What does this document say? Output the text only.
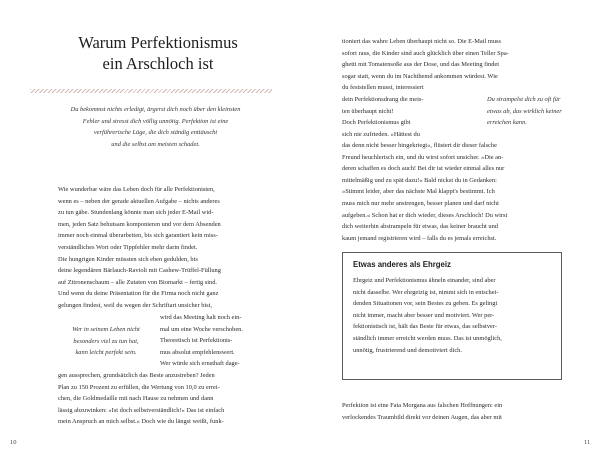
Warum Perfektionismus
ein Arschloch ist
Du bekommst nichts erledigt, ärgerst dich noch über den kleinsten
Fehler und stresst dich völlig unnötig. Perfektion ist eine
verführerische Lüge, die dich ständig enttäuscht
und die selbst am meisten schadet.
Wie wunderbar wäre das Leben doch für alle Perfektionisten,
wenn es – neben der gerade aktuellen Aufgabe – nichts anderes
zu tun gäbe. Stundenlang könnte man sich jeder E-Mail wid-
men, jeden Satz behutsam komponieren und vor dem Absenden
immer noch einmal überarbeiten, bis sich garantiert kein miss-
verständliches Wort oder Tippfehler mehr darin findet.
Die hungrigen Kinder müssten sich eben gedulden, bis
deine legendären Bärlauch-Ravioli mit Cashew-Trüffel-Füllung
auf Zitronenschaum – alle Zutaten von Biomarkt – fertig sind.
Und wenn du deine Präsentation für die Firma noch nicht ganz
gelungen findest, weil du wegen der Schriftart unsicher bist,
Wer in seinem Leben nicht
besonders viel zu tun hat,
kann leicht perfekt sein.
wird das Meeting halt noch ein-
mal um eine Woche verschoben.
Theoretisch ist Perfektionis-
mus absolut empfehlenswert.
Wer würde sich ernsthaft dage-
gen aussprechen, grundsätzlich das Beste anzustreben? Jeden
Plan zu 150 Prozent zu erfüllen, die Wertung von 10,0 zu errei-
chen, die Goldmedaille mit nach Hause zu nehmen und dann
lässig abzuwinken: »Ist doch selbstverständlich!« Das ist einfach
mein Anspruch an mich selbst.« Doch wie du längst weißt, funk-
10
tioniert das wahre Leben überhaupt nicht so. Die E-Mail muss
sofort raus, die Kinder sind auch glücklich über einen Teller Spa-
ghetti mit Tomatensoße aus der Dose, und das Meeting findet
sogar statt, wenn du im Nachthemd ankommen würdest. Wie
du feststellen musst, interessiert
dein Perfektionsdrang die meis-
ten überhaupt nicht!
Doch Perfektionismus gibt
sich nie zufrieden. »Hättest du
Du strampelst dich zu oft für
etwas ab, das wirklich keiner
erreichen kann.
das denn nicht besser hingekriegt«, flüstert dir dieser falsche
Freund heuchlerisch ein, und du wirst sofort unsicher. »Die an-
deren schaffen es doch auch! Bei dir ist wieder einmal alles nur
mittelmäßig und zu spät dazu!« Bald nickst du in Gedanken:
»Stimmt leider, aber das nächste Mal klappt's bestimmt. Ich
muss mich nur mehr anstrengen, besser planen und darf nicht
aufgeben.« Schon hat er dich wieder, dieses Arschloch! Du wirst
dich weiterhin abstrampeln für etwas, das keiner braucht und
kaum jemand registrieren wird – falls du es jemals erreichst.
Perfektion ist eine Fata Morgana aus falschen Hoffnungen: ein
verlockendes Traumbild direkt vor deinen Augen, das aber mit
11
Etwas anderes als Ehrgeiz
Ehrgeiz und Perfektionismus ähneln einander, sind aber
nicht dasselbe. Wer ehrgeizig ist, nimmt sich in entschei-
denden Situationen vor, sein Bestes zu geben. Es gelingt
nicht immer, macht aber besser und motiviert. Wer per-
fektionistisch ist, hält das Beste für etwas, das selbstver-
ständlich immer erreicht werden muss. Das ist unmöglich,
unnötig, frustrierend und demotiviert dich.
